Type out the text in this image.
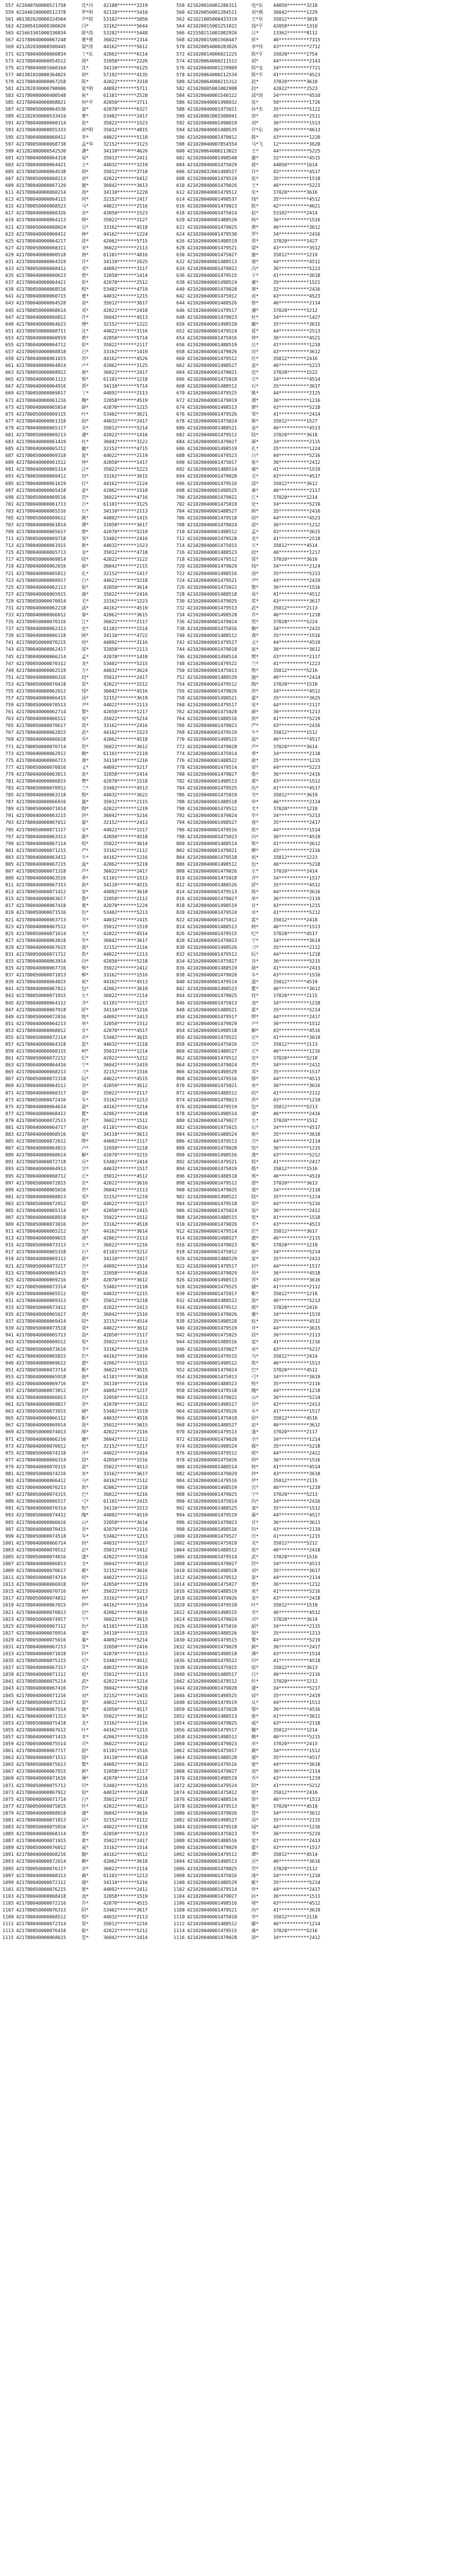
557 421040760000521758	沈*丹	42108*******3219	558 421020016001286311	连*东	44050*******3218
559 421040100000512378	罗*明	42110*******5410	560 421020056001284511	刘*燕	36042*******1229
561 401382020000324504	尹*铭	53102*******5050	562 421021005000433319	王*华	35012*******3018
563 421005410000300026	闫*	33162*******5644	564 421020015001251022	钱*平	42058*******1310
565 421661501000330834	陈*涛	53282*******5448	566 421558211001982926	汪*	13362*******8112
567 421780040000067248	曹*勇	36022*******2314	568 421020015001568447	彭*	46***********7315
569 421282030000500445	梁*涛	44162*******5612	570 421020054000283826	李*伟	43***********2712
571 421780040000060834	丁*东	42062*******6114	572 421020014006021225	陈*平	35020*******1754
573 421780040000054512	周*	32058*******2226	574 421020064000211512	胡*	44***********2143
575 421790040001660164	沈*	34110*******6125	576 421020040001229909	程*龙	34***********7721
577 401381010000364825	胡*	57192*******4135	578 421020064000212534	陈*平	41***********4523
579 421780040000067258	陈*	42022*******3318	580 421020064000215312	赵*	37020*******3618
581 421282030000798006	夏*明	44092*******5711	582 421020005001002998	段*	42022*******2523
583 421780000000400548	崔*	61101*******2528	584 421020040001540122	邱*涛	34***********4510
585 421780040000068021	何*平	42050*******3711	586 421020040001498032	张*	50***********1726
587 421780050000064536	童*	42070*******6327	588 421020040001475021	孙*杰	35***********5122
589 421282030000533410	曹*	53402*******2417	590 421020002001508041	徐*	45***********2511
591 421780040000060114	张*	35022*******1523	592 421020040001498019	刘*	36***********1513
593 421780040000055333	胡*明	35012*******4815	594 421020040001488535	许*东	36***********4613
595 421780040000060412	李*	44022*******5118	596 421020040001479012	陈*	43***********1220
597 421780050000068738	孟*华	32152*******3123	598 421020040007854554	马*飞	12***********3628
599 421282080000542530	潘*	34110*******4626	600 421020064000213022	王*	44***********5225
601 421780040000064318	易*	35012*******2411	602 421020040001498548	谢*	32***********4515
603 421780040000064421	王*	44032*******3219	604 421020040001475029	蒋*	44050*******1614
605 421780050000064538	胡*	35012*******3718	606 421020032001498527	许*	43***********4517
607 421780050000068213	刘*	42022*******5412	608 421020040001479519	张*	35***********1518
609 421780040000067120	谢*	36042*******3613	610 421020040001479026	王*	46***********5223
611 421780040000060214	周*	34110*******1228	612 421020040001479512	朱*	37020*******3616
613 421780040000064115	何*	32152*******2417	614 421020040001498537	钱*	35***********4512
615 421780050000068523	马*	44022*******2516	616 421020040001479023	陈*	42***********4621
617 421780040000060326	余*	42050*******1523	618 421020040001475014	赵*	53102*******2414
619 421780040000064113	韩*	35022*******3127	620 421020040001488520	杨*	36***********1516
621 421780050000068024	吴*	33162*******4518	622 421020040001479025	黄*	46***********3612
623 421780040000060412	林*	44162*******1224	624 421020040001479530	罗*	34***********2416
625 421780040000064217	徐*	42062*******5715	626 421020040001498519	郑*	37020*******1427
627 421780050000068311	宋*	36022*******2113	628 421020040001479521	梁*	43***********3512
629 421780040000060518	唐*	61101*******4816	630 421020040001475027	谢*	35012*******1219
631 421780040000064319	许*	34110*******2625	632 421020040001488513	萧*	44***********4511
633 421780050000068412	邓*	44092*******3117	634 421020040001479022	冯*	36***********5223
635 421780040000060623	曾*	32058*******1414	636 421020040001479515	于*	41***********3618
637 421780040000064421	彭*	42070*******2512	638 421020040001498524	董*	35***********1521
639 421780050000068516	程*	53402*******4719	640 421020040001479028	萧*	32***********2416
641 421780040000060715	曹*	44032*******1215	642 421020040001475012	袁*	43***********4523
643 421780040000064528	袁*	35012*******3617	644 421020040001488526	蔡*	46***********2114
645 421780050000068614	邓*	42022*******2418	646 421020040001479517	潘*	37020*******5212
647 421780040000060812	许*	36042*******4513	648 421020040001479023	杜*	34***********1427
649 421780040000064623	傅*	32152*******1222	650 421020040001498518	戴*	35***********3615
651 421780050000068711	沈*	44022*******3116	652 421020040001479524	夏*	44***********2513
653 421780040000060919	曾*	42050*******5714	654 421020040001475016	钟*	36***********4521
655 421780040000064712	彭*	35022*******2117	656 421020040001488519	汪*	41***********1218
657 421780050000068818	吕*	33162*******1419	658 421020040001479026	田*	43***********3612
659 421780040000061015	苏*	44162*******4526	660 421020040001479512	任*	35012*******2416
661 421780040000064814	卢*	42062*******3125	662 421020040001498527	姜*	46***********5213
663 421780050000068912	蒋*	36022*******2417	664 421020040001479021	范*	37020*******1522
665 421780040000061113	蔡*	61101*******1218	666 421020040001475018	方*	34***********4514
667 421780040000064916	贾*	34110*******5714	668 421020040001488512	石*	35***********3617
669 421780050000069017	丁*	44092*******2113	670 421020040001479525	姚*	44***********2125
671 421780040000061216	魏*	32058*******4519	672 421020040001479019	谭*	36***********1216
673 421780040000065014	薛*	42070*******1215	674 421020040001498513	廖*	43***********5218
675 421780050000069115	叶*	53402*******3621	676 421020040001479526	邹*	41***********2414
677 421780040000061318	阎*	44032*******2417	678 421020040001475024	熊*	35012*******1527
679 421780040000065117	余*	35012*******5214	680 421020040001488521	金*	46***********4513
681 421780050000069213	潘*	42022*******1416	682 421020040001479512	陆*	37020*******3618
683 421780040000061419	杜*	36042*******3122	684 421020040001479027	郝*	34***********2115
685 421780040000065212	戴*	32152*******4715	686 421020040001498519	孔*	35***********1224
687 421780050000069318	夏*	44022*******2119	688 421020040001479523	白*	44***********5216
689 421780040000061512	钟*	42050*******1417	690 421020040001475017	崔*	36***********2412
691 421780040000065314	汪*	35022*******5223	692 421020040001488514	康*	41***********1519
693 421780050000069412	田*	33162*******3615	694 421020040001479028	毛*	43***********4517
695 421780040000061619	任*	44162*******2124	696 421020040001479516	邱*	35012*******3612
697 421780040000065418	姜*	42062*******1518	698 421020040001498525	秦*	46***********2117
699 421780050000069516	范*	36022*******4716	700 421020040001479022	江*	37020*******1214
701 421780040000061713	方*	61101*******3125	702 421020040001475019	史*	34***********5219
703 421780040000065516	石*	34110*******2113	704 421020040001488527	顾*	35***********2416
705 421780050000069612	姚*	44092*******1415	706 421020040001479518	侯*	44***********4523
707 421780040000061814	谭*	32058*******3617	708 421020040001479024	邵*	36***********1212
709 421780040000065617	廖*	42070*******5219	710 421020040001498512	孟*	43***********3615
711 421780050000069718	邹*	53402*******2416	712 421020040001479528	龙*	41***********2518
713 421780040000061915	熊*	44032*******1523	714 421020040001475015	万*	35012*******4514
715 421780040000065713	金*	35012*******4718	716 421020040001488523	段*	46***********1217
717 421780050000069814	陆*	42022*******3122	718 421020040001479512	雷*	37020*******3616
719 421780040000062016	郝*	36042*******2115	720 421020040001479029	钱*	34***********2124
721 421780040000065812	孔*	32152*******1417	722 421020040001498516	汤*	35***********5213
723 421780050000069917	白*	44022*******5218	724 421020040001479521	尹*	44***********2419
725 421780040000062113	崔*	42050*******3614	726 421020040001475022	黎*	36***********1516
727 421780040000065915	康*	35022*******2416	728 421020040001488518	易*	41***********4512
729 421780050000070014	毛*	33162*******1223	730 421020040001479025	常*	43***********3617
731 421780040000062218	邱*	44162*******4519	732 421020040001479513	武*	35012*******2113
733 421780040000066012	秦*	42062*******3615	734 421020040001498528	乔*	46***********1218
735 421780050000070116	江*	36022*******2117	736 421020040001479024	贺*	37020*******5224
737 421780040000062313	史*	61101*******1514	738 421020040001475016	赖*	34***********2415
739 421780040000066118	顾*	34110*******4722	740 421020040001488512	龚*	35***********1516
741 421780050000070215	侯*	44092*******3116	742 421020040001479527	文*	44***********4519
743 421780040000062417	邵*	32058*******2113	744 421020040001479018	庞*	36***********3612
745 421780040000066214	孟*	42070*******1418	746 421020040001498514	樊*	43***********2117
747 421780050000070312	龙*	53402*******5215	748 421020040001479522	兰*	41***********1223
749 421780040000062519	万*	44032*******3624	750 421020040001475013	殷*	35012*******5216
751 421780040000066316	段*	35012*******2417	752 421020040001488529	施*	46***********2414
753 421780050000070418	雷*	42022*******1512	754 421020040001479512	陶*	37020*******1518
755 421780040000062612	钱*	36042*******4516	756 421020040001479026	洪*	34***********4512
757 421780040000066415	汤*	32152*******3619	758 421020040001498521	翟*	35***********3625
759 421780050000070513	尹*	44022*******2113	760 421020040001479517	安*	44***********2117
761 421780040000062714	黎*	42050*******1217	762 421020040001475028	颜*	36***********1213
763 421780040000066512	易*	35022*******5214	764 421020040001488516	倪*	41***********5219
765 421780050000070617	常*	33162*******2416	766 421020040001479023	严*	43***********2416
767 421780040000062815	武*	44162*******1523	768 421020040001479519	牛*	35012*******1512
769 421780040000066618	乔*	42062*******4518	770 421020040001498515	温*	46***********4517
771 421780050000070714	贺*	36022*******3612	772 421020040001479028	芦*	37020*******3614
773 421780040000062912	赖*	61101*******2119	774 421020040001475014	季*	34***********2118
775 421780040000066713	龚*	34110*******1216	776 421020040001488522	俞*	35***********1215
777 421780050000070816	文*	44092*******5217	778 421020040001479514	章*	44***********5223
779 421780040000063013	庞*	32058*******2414	780 421020040001479027	鲁*	36***********2416
781 421780040000066815	樊*	42070*******1518	782 421020040001498513	葛*	43***********1512
783 421780050000070912	兰*	53402*******4513	784 421020040001479525	伍*	41***********4517
785 421780040000063118	殷*	44032*******3622	786 421020040001475019	韦*	35012*******3619
787 421780040000066916	施*	35012*******2115	788 421020040001488518	申*	46***********2114
789 421780050000071014	陶*	42022*******1219	790 421020040001479512	尤*	37020*******1218
791 421780040000063215	洪*	36042*******5216	792 421020040001479024	毕*	34***********5213
793 421780040000067012	翟*	32152*******2413	794 421020040001498527	聂*	35***********2417
795 421780050000071117	安*	44022*******1517	796 421020040001479516	焦*	44***********1514
797 421780040000063313	颜*	42050*******4518	798 421020040001475023	向*	36***********4519
799 421780040000067114	倪*	35022*******3614	800 421020040001488514	柴*	41***********3612
801 421780050000071215	严*	33162*******2112	802 421020040001479021	柳*	43***********2116
803 421780040000063412	牛*	44162*******1216	804 421020040001479518	祝*	35012*******1223
805 421780040000067215	温*	42062*******5219	806 421020040001498512	包*	46***********5218
807 421780050000071318	芦*	36022*******2417	808 421020040001479026	左*	37020*******2414
809 421780040000063516	季*	61101*******1513	810 421020040001475018	齐*	34***********1517
811 421780040000067313	俞*	34110*******4515	812 421020040001488526	舒*	35***********4512
813 421780050000071412	章*	44092*******3618	814 421020040001479513	练*	44***********3616
815 421780040000063617	鲁*	32058*******2112	816 421020040001479027	单*	36***********2119
817 421780040000067418	葛*	42070*******1224	818 421020040001498519	甘*	43***********1215
819 421780050000071516	伍*	53402*******5213	820 421020040001479524	卓*	41***********5212
821 421780040000063713	韦*	44032*******2415	822 421020040001475012	蓝*	35012*******2418
823 421780040000067512	申*	35012*******1519	824 421020040001488513	柯*	46***********1513
825 421780050000071614	尤*	42022*******4514	826 421020040001479515	纪*	37020*******4517
827 421780040000063818	毕*	36042*******3617	828 421020040001479023	宁*	34***********3614
829 421780040000067615	聂*	32152*******2116	830 421020040001498526	刁*	35***********2112
831 421780050000071712	焦*	44022*******1213	832 421020040001479512	阮*	44***********1218
833 421780040000063914	向*	42050*******5218	834 421020040001475027	谷*	36***********5215
835 421780040000067716	柴*	35022*******2412	836 421020040001488519	骆*	41***********2413
837 421780050000071813	柳*	33162*******1516	838 421020040001479028	车*	43***********1516
839 421780040000064015	祝*	44162*******4513	840 421020040001479514	温*	35012*******4519
841 421780040000067812	包*	42062*******3619	842 421020040001498523	瞿*	46***********3612
843 421780050000071915	左*	36022*******2114	844 421020040001479025	桂*	37020*******2115
845 421780040000064112	齐*	61101*******1217	846 421020040001475013	凌*	34***********1218
847 421780040000067918	舒*	34110*******5216	848 421020040001488521	霍*	35***********5214
849 421780050000072016	练*	44092*******2413	850 421020040001479517	缪*	44***********2417
851 421780040000064213	单*	32058*******1512	852 421020040001479029	卢*	36***********1512
853 421780040000068012	甘*	42070*******4517	854 421020040001498518	解*	43***********4516
855 421780050000072114	卓*	53402*******3615	856 421020040001479522	应*	41***********3619
857 421780040000064318	蓝*	44032*******2118	858 421020040001475016	宗*	35012*******2113
859 421780040000068115	柯*	35012*******1214	860 421020040001488527	丘*	46***********1216
861 421780050000072212	纪*	42022*******5212	862 421020040001479512	宣*	37020*******5218
863 421780040000064416	宁*	36042*******2419	864 421020040001479024	贲*	34***********2412
865 421780040000068213	刁*	32152*******1516	866 421020040001498529	邓*	35***********1517
867 421780050000072318	阮*	44022*******4515	868 421020040001479516	郁*	44***********4513
869 421780040000064512	谷*	42050*******3612	870 421020040001475021	单*	36***********3616
871 421780040000068317	骆*	35022*******2117	872 421020040001488512	杭*	41***********2112
873 421780050000072416	车*	33162*******1213	874 421020040001479023	洪*	43***********1219
875 421780040000064614	温*	44162*******5214	876 421020040001479519	包*	35012*******5213
877 421780040000068412	瞿*	42062*******2418	878 421020040001498514	诸*	46***********2416
879 421780050000072513	桂*	36022*******1512	880 421020040001479027	左*	37020*******1512
881 421780040000064717	凌*	61101*******4516	882 421020040001475015	石*	34***********4517
883 421780040000068516	霍*	34110*******3613	884 421020040001488524	崔*	35***********3618
885 421780050000072612	缪*	44092*******2117	886 421020040001479513	吉*	44***********2114
887 421780040000064815	卢*	32058*******1218	888 421020040001479028	钮*	36***********1215
889 421780040000068614	解*	42070*******5215	890 421020040001498516	龚*	43***********5212
891 421780050000072718	应*	53402*******2414	892 421020040001479521	程*	41***********2417
893 421780040000064913	宗*	44032*******1517	894 421020040001475019	嵇*	35012*******1516
895 421780040000068712	丘*	35012*******4512	896 421020040001488518	邢*	46***********4519
897 421780050000072815	宣*	42022*******3616	898 421020040001479512	滑*	37020*******3613
899 421780040000065016	贲*	36042*******2113	900 421020040001479025	裴*	34***********2118
901 421780040000068813	邓*	32152*******1219	902 421020040001498522	陆*	35***********1214
903 421780050000072912	郁*	44022*******5217	904 421020040001479518	荣*	44***********5216
905 421780040000065114	单*	42050*******2415	906 421020040001475024	翁*	36***********2412
907 421780040000068918	杭*	35022*******1512	908 421020040001488515	荀*	41***********1518
909 421780050000073016	洪*	33162*******4518	910 421020040001479026	羊*	43***********4513
911 421780040000065212	包*	44162*******3614	912 421020040001479514	於*	35012*******3617
913 421780040000069015	诸*	42062*******2113	914 421020040001498527	惠*	46***********2115
915 421780050000073113	左*	36022*******1216	916 421020040001479023	甄*	37020*******1219
917 421780040000065318	石*	61101*******5212	918 421020040001475012	曲*	34***********5214
919 421780040000069112	崔*	34110*******2417	920 421020040001488529	家*	35***********2413
921 421780050000073217	吉*	44092*******1514	922 421020040001479517	封*	44***********1517
923 421780040000065415	钮*	32058*******4516	924 421020040001479029	芮*	36***********4518
925 421780040000069216	龚*	42070*******3612	926 421020040001498513	羿*	43***********3616
927 421780050000073314	程*	53402*******2118	928 421020040001479525	储*	41***********2112
929 421780040000065512	嵇*	44032*******1215	930 421020040001475017	靳*	35012*******1218
931 421780040000069313	邢*	35012*******5218	932 421020040001488522	汲*	46***********5213
933 421780050000073412	滑*	42022*******2413	934 421020040001479512	邴*	37020*******2416
935 421780040000065617	裴*	36042*******1516	936 421020040001479026	糜*	34***********1519
937 421780040000069414	陆*	32152*******4514	938 421020040001498528	松*	35***********4512
939 421780050000073518	荣*	44022*******3612	940 421020040001479519	井*	44***********3615
941 421780040000065713	翁*	42050*******2117	942 421020040001475025	段*	36***********2113
943 421780040000069512	荀*	35022*******1213	944 421020040001488516	富*	41***********1216
945 421780050000073616	羊*	33162*******5219	946 421020040001479027	巫*	43***********5217
947 421780040000065815	於*	44162*******2416	948 421020040001479515	乌*	35012*******2414
949 421780040000069612	惠*	42062*******1512	950 421020040001498512	焦*	46***********1513
951 421780050000073714	甄*	36022*******4515	952 421020040001479024	巴*	37020*******4512
953 421780040000065918	曲*	61101*******3618	954 421020040001475013	弓*	34***********3619
955 421780040000069716	家*	34110*******2114	956 421020040001488523	牧*	35***********2116
957 421780050000073812	封*	44092*******1217	958 421020040001479518	隗*	44***********1218
959 421780040000066013	芮*	32058*******5213	960 421020040001479022	山*	36***********5214
961 421780040000069817	羿*	42070*******2412	962 421020040001498517	谷*	43***********2413
963 421780050000073915	储*	53402*******1519	964 421020040001479526	车*	41***********1517
965 421780040000066112	靳*	44032*******4518	966 421020040001475018	侯*	35012*******4516
967 421780040000069914	汲*	35012*******3615	968 421020040001488527	宓*	46***********3612
969 421780050000074013	邴*	42022*******2116	970 421020040001479513	蓬*	37020*******2117
971 421780040000066216	糜*	36042*******1212	972 421020040001479028	全*	34***********1214
973 421780040000070012	松*	32152*******5217	974 421020040001498524	郗*	35***********5218
975 421780050000074118	井*	44022*******2414	976 421020040001479512	班*	44***********2412
977 421780040000066314	段*	42050*******1516	978 421020040001475026	仰*	36***********1516
979 421780040000070115	富*	35022*******4513	980 421020040001488514	秋*	41***********4514
981 421780050000074216	巫*	33162*******3617	982 421020040001479029	仲*	43***********3618
983 421780040000066412	乌*	44162*******2112	984 421020040001479516	伊*	35012*******2115
985 421780040000070213	焦*	42062*******1218	986 421020040001498519	宫*	46***********1219
987 421780050000074315	巴*	36022*******5216	988 421020040001479025	宁*	37020*******5213
989 421780040000066517	弓*	61101*******2415	990 421020040001475014	仇*	34***********2416
991 421780040000070314	牧*	34110*******1513	992 421020040001488525	栾*	35***********1512
993 421780050000074412	隗*	44092*******4519	994 421020040001479519	暴*	44***********4517
995 421780040000066616	山*	32058*******3614	996 421020040001479023	甘*	36***********3613
997 421780040000070415	谷*	42070*******2116	998 421020040001498516	钭*	43***********2119
999 421780050000074518	车*	53402*******1213	1000 421020040001479527	厉*	41***********1215
1001 421780040000066714	侯*	44032*******5217	1002 421020040001475019	戎*	35012*******5212
1003 421780040000070512	宓*	35012*******2412	1004 421020040001488512	祖*	46***********2418
1005 421780050000074616	蓬*	42022*******1518	1006 421020040001479514	武*	37020*******1516
1007 421780040000066813	全*	36042*******4513	1008 421020040001479027	符*	34***********4513
1009 421780040000070617	郗*	32152*******3616	1010 421020040001498528	刘*	35***********3617
1011 421780050000074714	班*	44022*******2112	1012 421020040001479512	景*	44***********2114
1013 421780040000066918	仰*	42050*******1219	1014 421020040001475027	詹*	36***********1212
1015 421780040000070716	秋*	35022*******5213	1016 421020040001488519	束*	41***********5216
1017 421780050000074812	仲*	33162*******2417	1018 421020040001479026	龙*	43***********2418
1019 421780040000067015	伊*	44162*******1514	1020 421020040001479518	叶*	35012*******1519
1021 421780040000070813	宫*	42062*******4516	1022 421020040001498515	幸*	46***********4512
1023 421780050000074917	宁*	36022*******3613	1024 421020040001479024	司*	37020*******3614
1025 421780040000067112	仇*	61101*******2118	1026 421020040001475016	韶*	34***********2115
1027 421780040000070914	栾*	34110*******1215	1028 421020040001488526	郜*	35***********1213
1029 421780050000075016	暴*	44092*******5214	1030 421020040001479515	黎*	44***********5219
1031 421780040000067213	甘*	32058*******2416	1032 421020040001479029	蓟*	36***********2417
1033 421780040000071018	钭*	42070*******1513	1034 421020040001498518	薄*	43***********1514
1035 421780050000075115	厉*	53402*******4512	1036 421020040001479522	印*	41***********4518
1037 421780040000067317	戎*	44032*******3619	1038 421020040001475015	宿*	35012*******3613
1039 421780040000071112	祖*	35012*******2113	1040 421020040001488517	白*	46***********2116
1041 421780050000075214	武*	42022*******1214	1042 421020040001479512	怀*	37020*******1212
1043 421780040000067416	符*	36042*******5218	1044 421020040001479028	蒲*	34***********5217
1045 421780040000071216	刘*	32152*******2415	1046 421020040001498525	邰*	35***********2419
1047 421780050000075312	景*	44022*******1512	1048 421020040001479519	从*	44***********1513
1049 421780040000067514	詹*	42050*******4517	1050 421020040001475028	鄂*	36***********4516
1051 421780040000071313	束*	35022*******3612	1052 421020040001488513	索*	41***********3612
1053 421780050000075418	龙*	33162*******2116	1054 421020040001479025	咸*	43***********2118
1055 421780040000067612	叶*	44162*******1213	1056 421020040001479517	籍*	35012*******1214
1057 421780040000071415	幸*	42062*******5219	1058 421020040001498512	赖*	46***********5215
1059 421780050000075514	司*	36022*******2412	1060 421020040001479023	卓*	37020*******2413
1061 421780040000067717	韶*	61101*******1516	1062 421020040001475017	蔺*	34***********1512
1063 421780040000071512	郜*	34110*******4518	1064 421020040001488528	屠*	35***********4517
1065 421780050000075613	黎*	44092*******3613	1066 421020040001479516	蒙*	44***********3618
1067 421780040000067815	蓟*	32058*******2117	1068 421020040001479027	池*	36***********2114
1069 421780040000071616	薄*	42070*******1214	1070 421020040001498519	乔*	43***********1219
1071 421780050000075712	印*	53402*******5215	1072 421020040001479524	阴*	41***********5212
1073 421780040000067912	宿*	44032*******2418	1074 421020040001475012	郁*	35012*******2416
1075 421780040000071714	白*	35012*******1517	1076 421020040001488514	胥*	46***********1513
1077 421780050000075815	怀*	42022*******4513	1078 421020040001479513	能*	37020*******4518
1079 421780040000068018	蒲*	36042*******3616	1080 421020040001479026	苍*	34***********3612
1081 421780040000071813	邰*	32152*******2112	1082 421020040001498527	双*	35***********2115
1083 421780050000075916	从*	44022*******1218	1084 421020040001479518	闻*	44***********1216
1085 421780040000068114	鄂*	42050*******5213	1086 421020040001475023	莘*	36***********5219
1087 421780040000071915	索*	35022*******2417	1088 421020040001488516	党*	41***********2413
1089 421780050000076012	咸*	33162*******1514	1090 421020040001479029	翟*	43***********1517
1091 421780040000068216	籍*	44162*******4512	1092 421020040001479512	谭*	35012*******4514
1093 421780040000072014	赖*	42062*******3618	1094 421020040001498513	贡*	46***********3616
1095 421780050000076117	卓*	36022*******2114	1096 421020040001479025	劳*	37020*******2112
1097 421780040000068313	蔺*	61101*******1213	1098 421020040001475016	逄*	34***********1218
1099 421780040000072112	屠*	34110*******5216	1100 421020040001488529	姬*	35***********5214
1101 421780050000076215	蒙*	44092*******2412	1102 421020040001479514	申*	44***********2417
1103 421780040000068418	池*	32058*******1519	1104 421020040001479027	扶*	36***********1513
1105 421780040000072216	乔*	42070*******4515	1106 421020040001498516	堵*	43***********4512
1107 421780050000076313	阴*	53402*******3617	1108 421020040001479521	冉*	41***********3619
1109 421780040000068512	郁*	44032*******2113	1110 421020040001475018	宰*	35012*******2118
1111 421780040000072314	胥*	35012*******1216	1112 421020040001488512	郦*	46***********1214
1113 421780050000076418	能*	42022*******5212	1114 421020040001479515	雍*	37020*******5216
1115 421780040000068615	苍*	36042*******2414	1116 421020040001479028	却*	34***********2412
